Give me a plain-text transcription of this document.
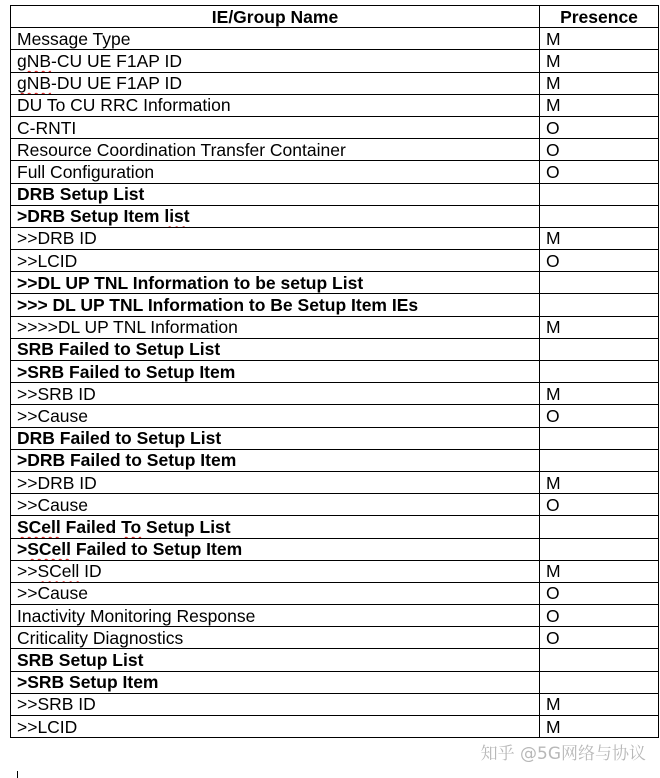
IE/Group Name	Presence
Message Type	M
gNB-CU UE F1AP ID	M
gNB-DU UE F1AP ID	M
DU To CU RRC Information	M
C-RNTI	O
Resource Coordination Transfer Container	O
Full Configuration	O
DRB Setup List	
>DRB Setup Item list	
>>DRB ID	M
>>LCID	O
>>DL UP TNL Information to be setup List	
>>> DL UP TNL Information to Be Setup Item IEs	
>>>>DL UP TNL Information	M
SRB Failed to Setup List	
>SRB Failed to Setup Item	
>>SRB ID	M
>>Cause	O
DRB Failed to Setup List	
>DRB Failed to Setup Item	
>>DRB ID	M
>>Cause	O
SCell Failed To Setup List	
>SCell Failed to Setup Item	
>>SCell ID	M
>>Cause	O
Inactivity Monitoring Response	O
Criticality Diagnostics	O
SRB Setup List	
>SRB Setup Item	
>>SRB ID	M
>>LCID	M
知乎 @5G网络与协议
